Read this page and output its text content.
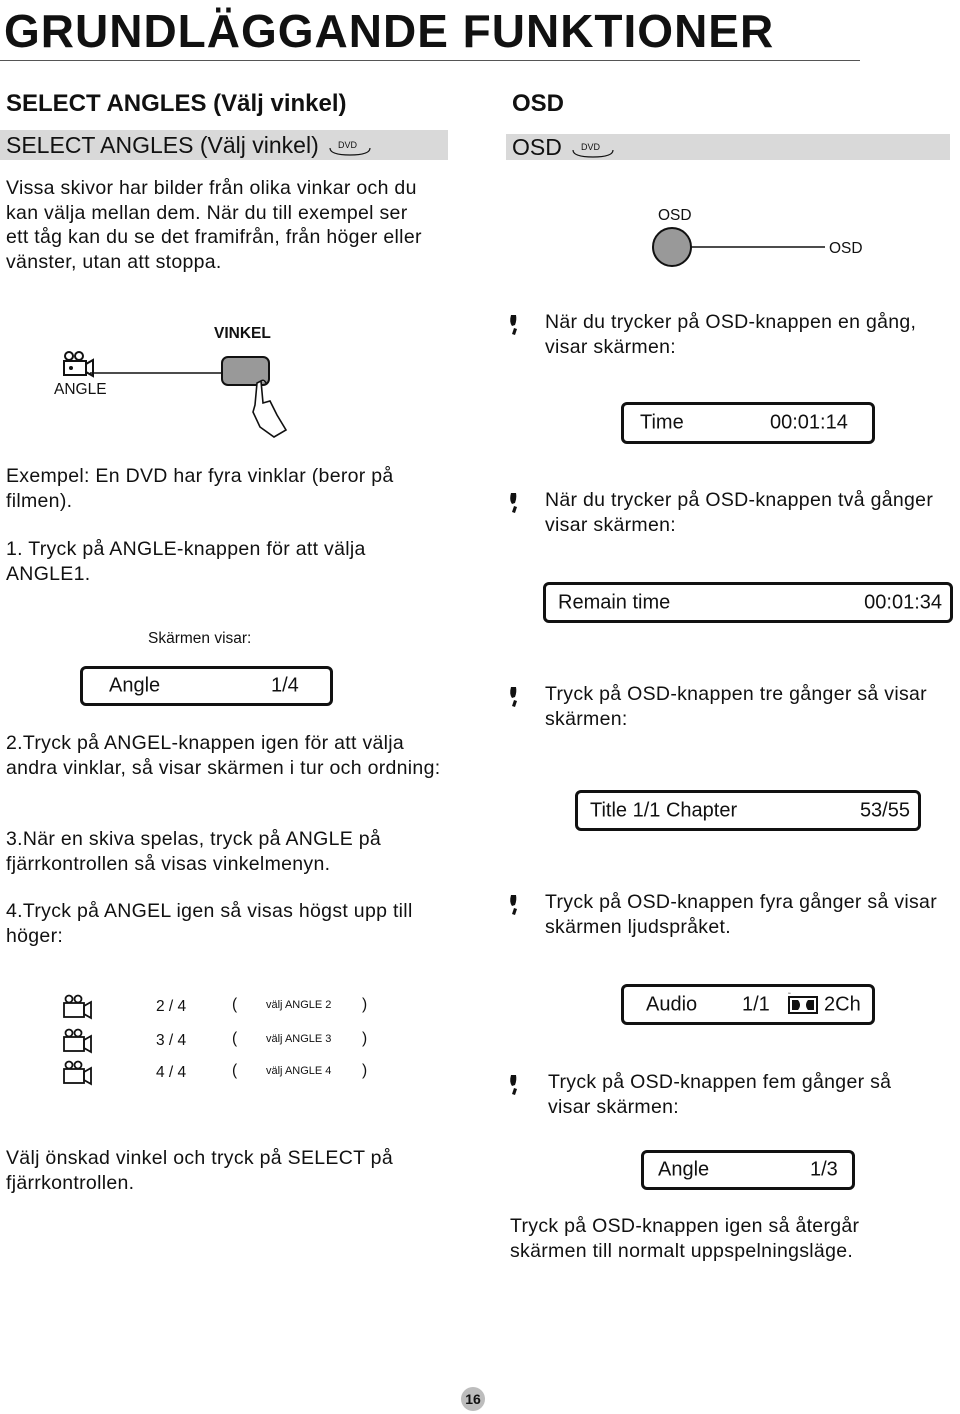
GRUNDLÄGGANDE FUNKTIONER
SELECT ANGLES (Välj vinkel)
SELECT ANGLES (Välj vinkel) DVD
Vissa skivor har bilder från olika vinkar och du kan välja mellan dem. När du till exempel ser ett tåg kan du se det framifrån, från höger eller vänster, utan att stoppa.
VINKEL
ANGLE
Exempel: En DVD har fyra vinklar (beror på filmen).
1. Tryck på ANGLE-knappen för att välja ANGLE1.
Skärmen visar:
Angle	1/4
2.Tryck på ANGEL-knappen igen för att välja andra vinklar, så visar skärmen i tur och ordning:
3.När en skiva spelas, tryck på ANGLE på fjärrkontrollen så visas vinkelmenyn.
4.Tryck på ANGEL igen så visas högst upp till höger:
2 / 4	(	välj ANGLE 2 )
3 / 4	(	välj ANGLE 3 )
4 / 4	(	välj ANGLE 4 )
Välj önskad vinkel och tryck på SELECT på fjärrkontrollen.
OSD
OSD DVD
OSD
OSD
När du trycker på OSD-knappen en gång, visar skärmen:
Time	00:01:14
När du trycker på OSD-knappen två gånger visar skärmen:
Remain time	00:01:34
Tryck på OSD-knappen tre gånger så visar skärmen:
Title 1/1 Chapter	53/55
Tryck på OSD-knappen fyra gånger så visar skärmen ljudspråket.
Audio 1/1	DD 2Ch
Tryck på OSD-knappen fem gånger så visar skärmen:
Angle	1/3
Tryck på OSD-knappen igen så återgår skärmen till normalt uppspelningsläge.
16
